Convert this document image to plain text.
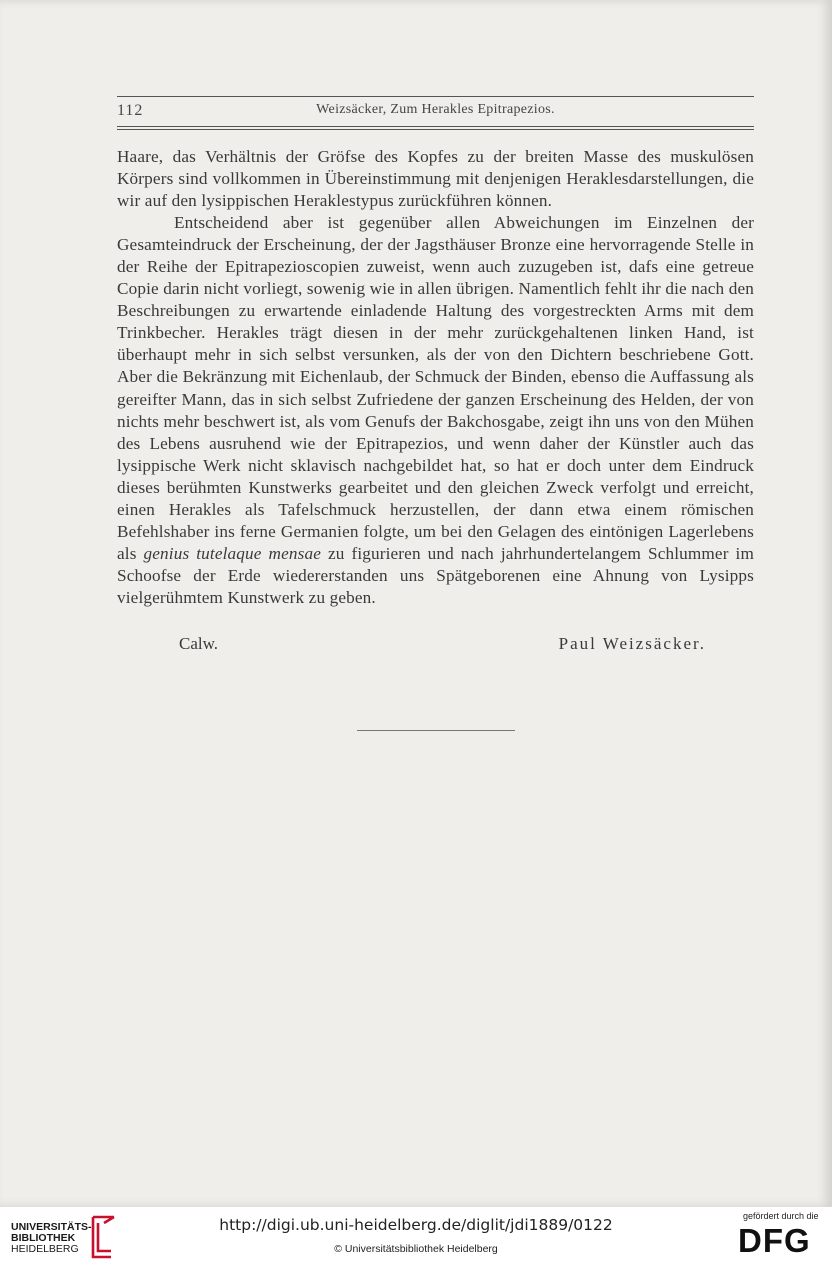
112	Weizsäcker, Zum Herakles Epitrapezios.

Haare, das Verhältnis der Gröfse des Kopfes zu der breiten Masse des muskulösen Körpers sind vollkommen in Übereinstimmung mit denjenigen Heraklesdarstellungen, die wir auf den lysippischen Heraklestypus zurückführen können.

Entscheidend aber ist gegenüber allen Abweichungen im Einzelnen der Gesamteindruck der Erscheinung, der der Jagsthäuser Bronze eine hervorragende Stelle in der Reihe der Epitrapezioscopien zuweist, wenn auch zuzugeben ist, dafs eine getreue Copie darin nicht vorliegt, sowenig wie in allen übrigen. Namentlich fehlt ihr die nach den Beschreibungen zu erwartende einladende Haltung des vorgestreckten Arms mit dem Trinkbecher. Herakles trägt diesen in der mehr zurückgehaltenen linken Hand, ist überhaupt mehr in sich selbst versunken, als der von den Dichtern beschriebene Gott. Aber die Bekränzung mit Eichenlaub, der Schmuck der Binden, ebenso die Auffassung als gereifter Mann, das in sich selbst Zufriedene der ganzen Erscheinung des Helden, der von nichts mehr beschwert ist, als vom Genufs der Bakchosgabe, zeigt ihn uns von den Mühen des Lebens ausruhend wie der Epitrapezios, und wenn daher der Künstler auch das lysippische Werk nicht sklavisch nachgebildet hat, so hat er doch unter dem Eindruck dieses berühmten Kunstwerks gearbeitet und den gleichen Zweck verfolgt und erreicht, einen Herakles als Tafelschmuck herzustellen, der dann etwa einem römischen Befehlshaber ins ferne Germanien folgte, um bei den Gelagen des eintönigen Lagerlebens als genius tutelaque mensae zu figurieren und nach jahrhundertelangem Schlummer im Schoofse der Erde wiedererstanden uns Spätgeborenen eine Ahnung von Lysipps vielgerühmtem Kunstwerk zu geben.

Calw.	Paul Weizsäcker.
UNIVERSITÄTS-
BIBLIOTHEK
HEIDELBERG
http://digi.ub.uni-heidelberg.de/diglit/jdi1889/0122
© Universitätsbibliothek Heidelberg
gefördert durch die
DFG
